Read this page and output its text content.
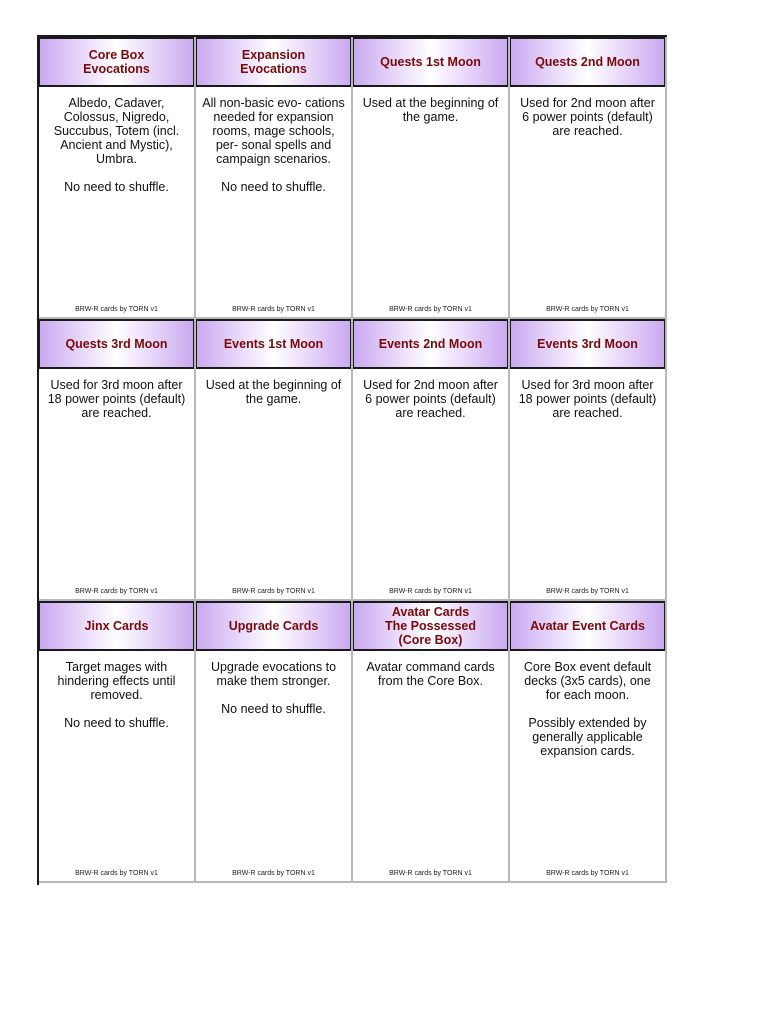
Core Box
Evocations
Albedo, Cadaver,
Colossus, Nigredo,
Succubus, Totem (incl.
Ancient and Mystic),
Umbra.

No need to shuffle.
BRW-R cards by TORN v1
Expansion
Evocations
All non-basic evo- cations
needed for expansion
rooms, mage schools,
per- sonal spells and
campaign scenarios.

No need to shuffle.
BRW-R cards by TORN v1
Quests 1st Moon
Used at the beginning of
the game.
BRW-R cards by TORN v1
Quests 2nd Moon
Used for 2nd moon after
6 power points (default)
are reached.
BRW-R cards by TORN v1
Quests 3rd Moon
Used for 3rd moon after
18 power points (default)
are reached.
BRW-R cards by TORN v1
Events 1st Moon
Used at the beginning of
the game.
BRW-R cards by TORN v1
Events 2nd Moon
Used for 2nd moon after
6 power points (default)
are reached.
BRW-R cards by TORN v1
Events 3rd Moon
Used for 3rd moon after
18 power points (default)
are reached.
BRW-R cards by TORN v1
Jinx Cards
Target mages with
hindering effects until
removed.

No need to shuffle.
BRW-R cards by TORN v1
Upgrade Cards
Upgrade evocations to
make them stronger.

No need to shuffle.
BRW-R cards by TORN v1
Avatar Cards
The Possessed
(Core Box)
Avatar command cards
from the Core Box.
BRW-R cards by TORN v1
Avatar Event Cards
Core Box event default
decks (3x5 cards), one
for each moon.

Possibly extended by
generally applicable
expansion cards.
BRW-R cards by TORN v1
